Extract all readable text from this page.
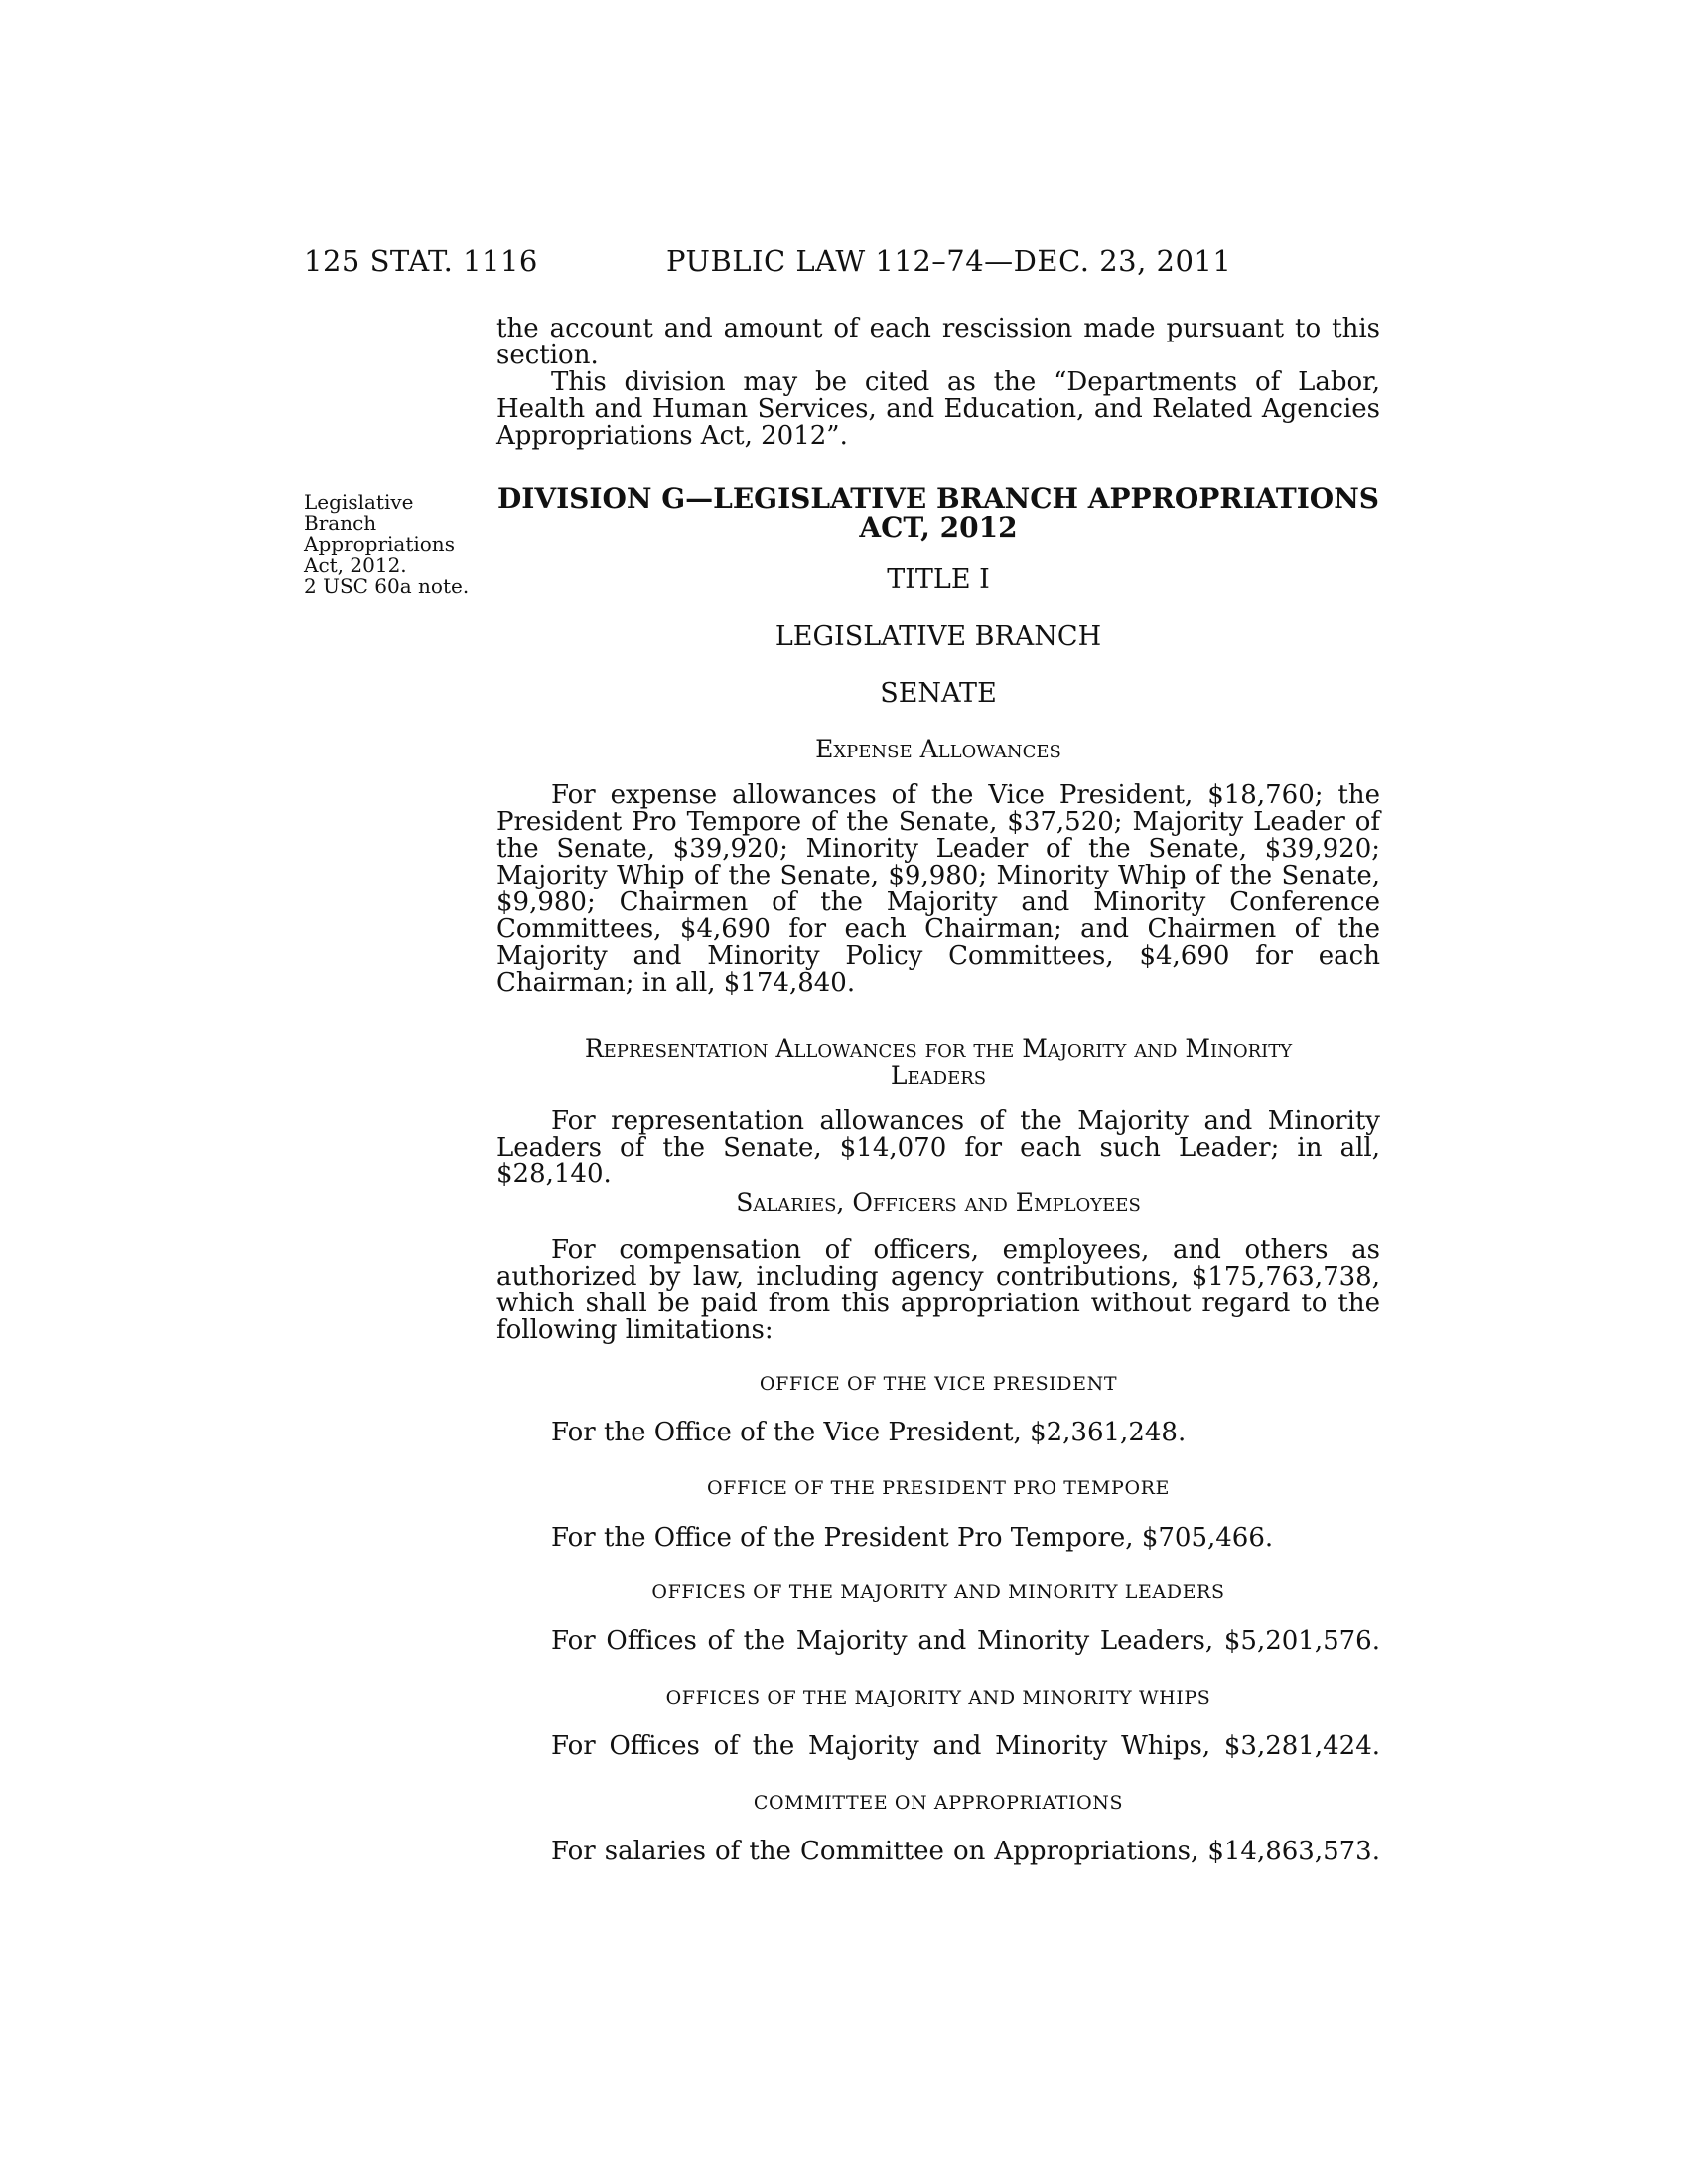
125 STAT. 1116	PUBLIC LAW 112–74—DEC. 23, 2011

the account and amount of each rescission made pursuant to this section.

This division may be cited as the “Departments of Labor, Health and Human Services, and Education, and Related Agencies Appropriations Act, 2012”.

Legislative
Branch
Appropriations
Act, 2012.
2 USC 60a note.
DIVISION G—LEGISLATIVE BRANCH APPROPRIATIONS
ACT, 2012
TITLE I
LEGISLATIVE BRANCH
SENATE
Expense Allowances

For expense allowances of the Vice President, $18,760; the President Pro Tempore of the Senate, $37,520; Majority Leader of the Senate, $39,920; Minority Leader of the Senate, $39,920; Majority Whip of the Senate, $9,980; Minority Whip of the Senate, $9,980; Chairmen of the Majority and Minority Conference Committees, $4,690 for each Chairman; and Chairmen of the Majority and Minority Policy Committees, $4,690 for each Chairman; in all, $174,840.

Representation Allowances for the Majority and Minority
Leaders

For representation allowances of the Majority and Minority Leaders of the Senate, $14,070 for each such Leader; in all, $28,140.

Salaries, Officers and Employees

For compensation of officers, employees, and others as authorized by law, including agency contributions, $175,763,738, which shall be paid from this appropriation without regard to the following limitations:

OFFICE OF THE VICE PRESIDENT

For the Office of the Vice President, $2,361,248.

OFFICE OF THE PRESIDENT PRO TEMPORE

For the Office of the President Pro Tempore, $705,466.

OFFICES OF THE MAJORITY AND MINORITY LEADERS

For Offices of the Majority and Minority Leaders, $5,201,576.

OFFICES OF THE MAJORITY AND MINORITY WHIPS

For Offices of the Majority and Minority Whips, $3,281,424.

COMMITTEE ON APPROPRIATIONS

For salaries of the Committee on Appropriations, $14,863,573.
